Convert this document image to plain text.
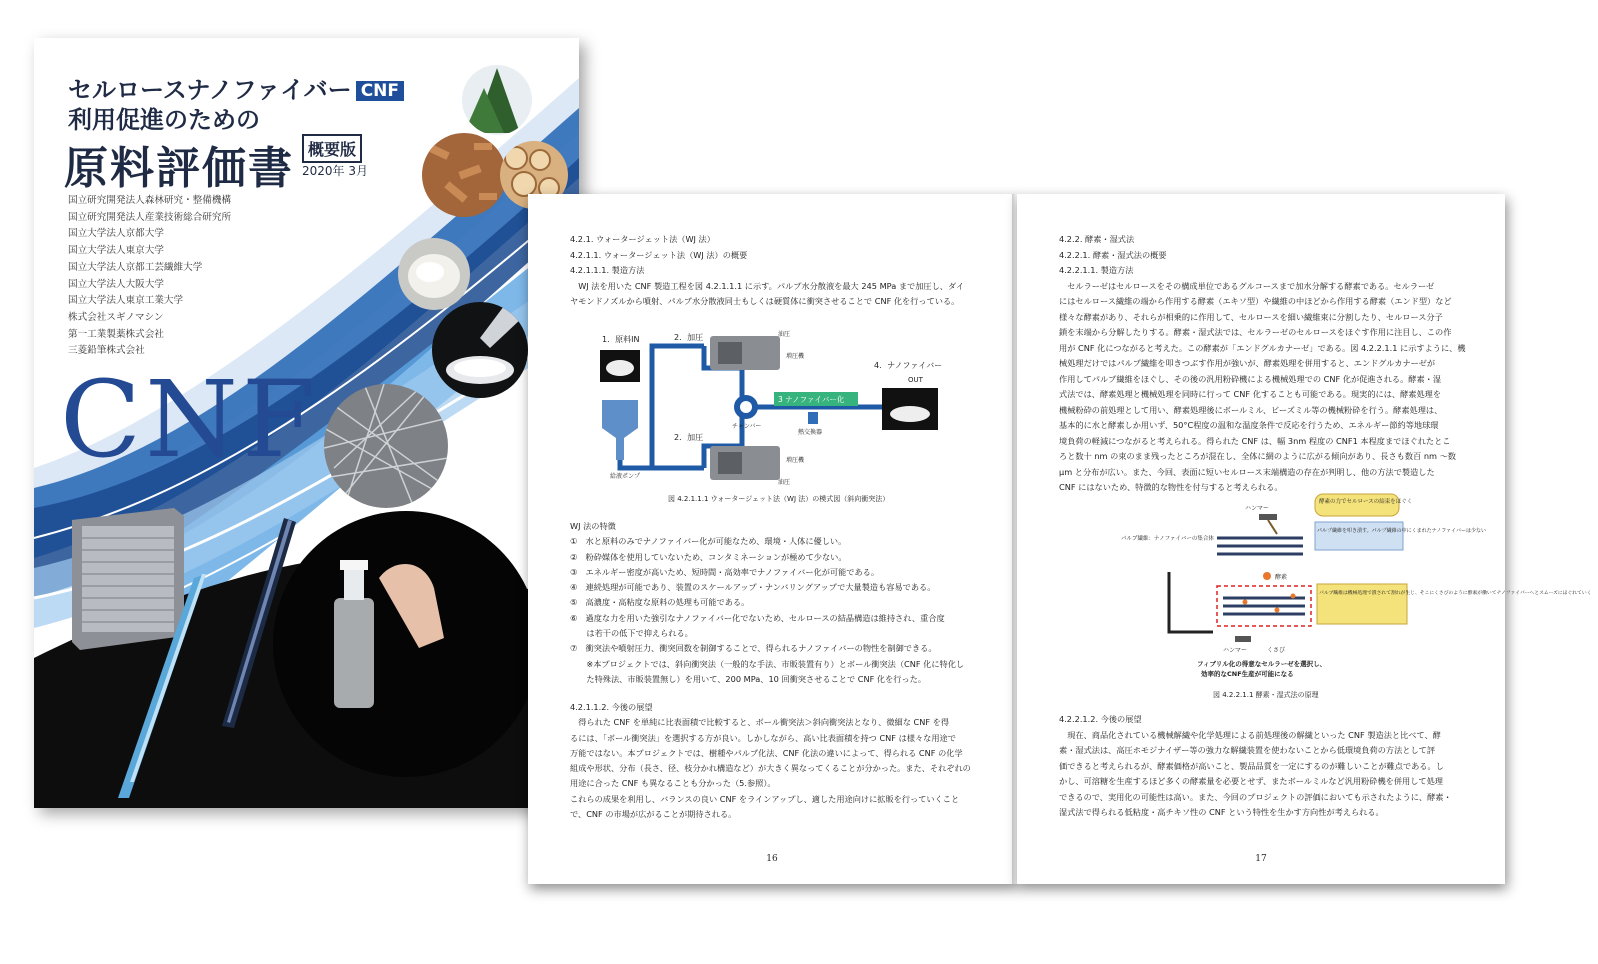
セルロースナノファイバー CNF
利用促進のための
原料評価書 概要版
2020年 3月
国立研究開発法人森林研究・整備機構
国立研究開発法人産業技術総合研究所
国立大学法人京都大学
国立大学法人東京大学
国立大学法人京都工芸繊維大学
国立大学法人大阪大学
国立大学法人東京工業大学
株式会社スギノマシン
第一工業製薬株式会社
三菱鉛筆株式会社
CNF
4.2.1. ウォータージェット法（WJ 法）
4.2.1.1. ウォータージェット法（WJ 法）の概要
4.2.1.1.1. 製造方法
　WJ 法を用いた CNF 製造工程を図 4.2.1.1.1 に示す。パルプ水分散液を最大 245 MPa まで加圧し、ダイ
ヤモンドノズルから噴射、パルプ水分散液同士もしくは硬質体に衝突させることで CNF 化を行っている。
1．原料IN	2．加圧
2．加圧
3 ナノファイバー化
4．ナノファイバー
OUT
油圧
油圧
増圧機
増圧機
チャンバー
熱交換器
給液ポンプ
図 4.2.1.1.1 ウォータージェット法（WJ 法）の模式図（斜向衝突法）
WJ 法の特徴
①　水と原料のみでナノファイバー化が可能なため、環境・人体に優しい。
②　粉砕媒体を使用していないため、コンタミネーションが極めて少ない。
③　エネルギー密度が高いため、短時間・高効率でナノファイバー化が可能である。
④　連続処理が可能であり、装置のスケールアップ・ナンバリングアップで大量製造も容易である。
⑤　高濃度・高粘度な原料の処理も可能である。
⑥　過度な力を用いた強引なナノファイバー化でないため、セルロースの結晶構造は維持され、重合度
　　は若干の低下で抑えられる。
⑦　衝突法や噴射圧力、衝突回数を制御することで、得られるナノファイバーの物性を制御できる。
　　※本プロジェクトでは、斜向衝突法（一般的な手法、市販装置有り）とボール衝突法（CNF 化に特化し
　　た特殊法、市販装置無し）を用いて、200 MPa、10 回衝突させることで CNF 化を行った。
4.2.1.1.2. 今後の展望
　得られた CNF を単純に比表面積で比較すると、ボール衝突法＞斜向衝突法となり、微細な CNF を得
るには、「ボール衝突法」を選択する方が良い。しかしながら、高い比表面積を持つ CNF は様々な用途で
万能ではない。本プロジェクトでは、樹種やパルプ化法、CNF 化法の違いによって、得られる CNF の化学
組成や形状、分布（長さ、径、枝分かれ構造など）が大きく異なってくることが分かった。また、それぞれの
用途に合った CNF も異なることも分かった（5.参照）。
これらの成果を利用し、バランスの良い CNF をラインアップし、適した用途向けに拡販を行っていくこと
で、CNF の市場が広がることが期待される。
16
4.2.2. 酵素・湿式法
4.2.2.1. 酵素・湿式法の概要
4.2.2.1.1. 製造方法
　セルラーゼはセルロースをその構成単位であるグルコースまで加水分解する酵素である。セルラーゼ
にはセルロース繊維の端から作用する酵素（エキソ型）や繊維の中ほどから作用する酵素（エンド型）など
様々な酵素があり、それらが相乗的に作用して、セルロースを細い繊維束に分割したり、セルロース分子
鎖を末端から分解したりする。酵素・湿式法では、セルラーゼのセルロースをほぐす作用に注目し、この作
用が CNF 化につながると考えた。この酵素が「エンドグルカナーゼ」である。図 4.2.2.1.1 に示すように、機
械処理だけではパルプ繊維を叩きつぶす作用が強いが、酵素処理を併用すると、エンドグルカナーゼが
作用してパルプ繊維をほぐし、その後の汎用粉砕機による機械処理での CNF 化が促進される。酵素・湿
式法では、酵素処理と機械処理を同時に行って CNF 化することも可能である。現実的には、酵素処理を
機械粉砕の前処理として用い、酵素処理後にボールミル、ビーズミル等の機械粉砕を行う。酵素処理は、
基本的に水と酵素しか用いず、50°C程度の温和な温度条件で反応を行うため、エネルギー節約等地球環
境負荷の軽減につながると考えられる。得られた CNF は、幅 3nm 程度の CNF1 本程度までほぐれたとこ
ろと数十 nm の束のまま残ったところが混在し、全体に網のように広がる傾向があり、長さも数百 nm ～数
μm と分布が広い。また、今回、表面に短いセルロース末端構造の存在が判明し、他の方法で製造した
CNF にはないため、特徴的な物性を付与すると考えられる。
酵素の力でセルロースの結束をほぐく
ハンマー
パルプ繊維を叩き潰す。パルプ繊維の中にくまれたナノファイバーは少ない
パルプ繊維：ナノファイバーの集合体
酵素
パルプ繊維は機械処理で潰されて割れが生じ、そこにくさびのように酵素が働いてナノファイバーへとスムーズにほぐれていく
ハンマー	くさび
フィブリル化の得意なセルラーゼを選択し、
効率的なCNF生産が可能になる
図 4.2.2.1.1 酵素・湿式法の原理
4.2.2.1.2. 今後の展望
　現在、商品化されている機械解繊や化学処理による前処理後の解繊といった CNF 製造法と比べて、酵
素・湿式法は、高圧ホモジナイザー等の強力な解繊装置を使わないことから低環境負荷の方法として評
価できると考えられるが、酵素価格が高いこと、製品品質を一定にするのが難しいことが難点である。し
かし、可溶糖を生産するほど多くの酵素量を必要とせず、またボールミルなど汎用粉砕機を併用して処理
できるので、実用化の可能性は高い。また、今回のプロジェクトの評価においても示されたように、酵素・
湿式法で得られる低粘度・高チキソ性の CNF という特性を生かす方向性が考えられる。
17
